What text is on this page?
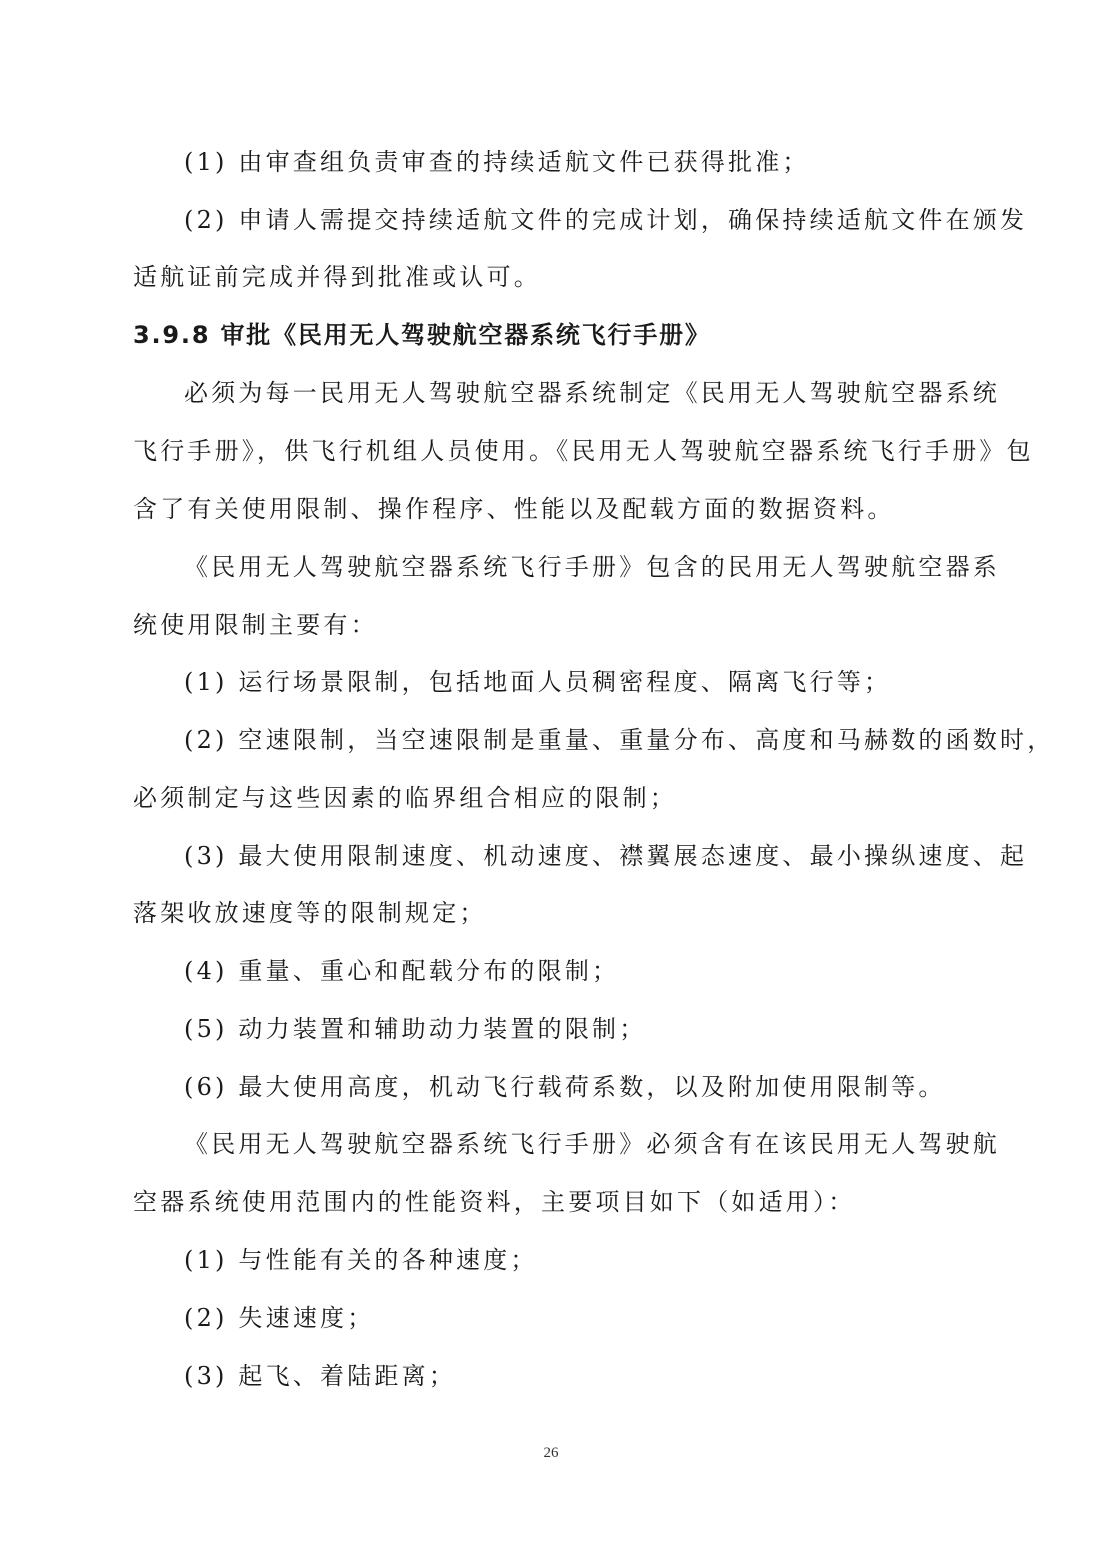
(1) 由审查组负责审查的持续适航文件已获得批准；
(2) 申请人需提交持续适航文件的完成计划，确保持续适航文件在颁发
适航证前完成并得到批准或认可。
3.9.8 审批《民用无人驾驶航空器系统飞行手册》
必须为每一民用无人驾驶航空器系统制定《民用无人驾驶航空器系统
飞行手册》，供飞行机组人员使用。《民用无人驾驶航空器系统飞行手册》包
含了有关使用限制、操作程序、性能以及配载方面的数据资料。
《民用无人驾驶航空器系统飞行手册》包含的民用无人驾驶航空器系
统使用限制主要有：
(1) 运行场景限制，包括地面人员稠密程度、隔离飞行等；
(2) 空速限制，当空速限制是重量、重量分布、高度和马赫数的函数时，
必须制定与这些因素的临界组合相应的限制；
(3) 最大使用限制速度、机动速度、襟翼展态速度、最小操纵速度、起
落架收放速度等的限制规定；
(4) 重量、重心和配载分布的限制；
(5) 动力装置和辅助动力装置的限制；
(6) 最大使用高度，机动飞行载荷系数，以及附加使用限制等。
《民用无人驾驶航空器系统飞行手册》必须含有在该民用无人驾驶航
空器系统使用范围内的性能资料，主要项目如下（如适用）：
(1) 与性能有关的各种速度；
(2) 失速速度；
(3) 起飞、着陆距离；
26
